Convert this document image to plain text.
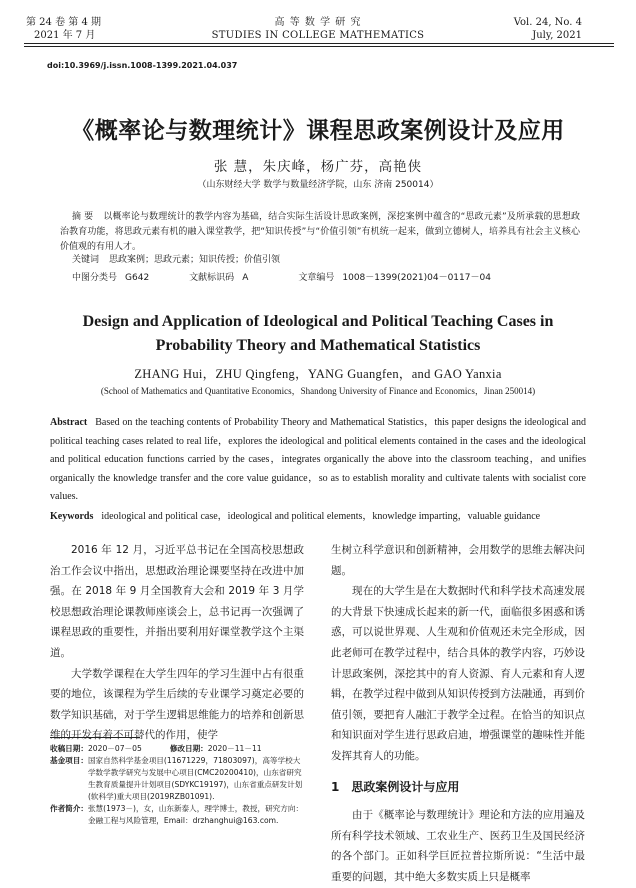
第 24 卷 第 4 期
2021 年 7 月
高 等 数 学 研 究
STUDIES IN COLLEGE MATHEMATICS
Vol. 24, No. 4
July, 2021
doi:10.3969/j.issn.1008-1399.2021.04.037
《概率论与数理统计》课程思政案例设计及应用
张 慧，朱庆峰，杨广芬，高艳侠
（山东财经大学 数学与数量经济学院，山东 济南 250014）
摘 要 以概率论与数理统计的教学内容为基础，结合实际生活设计思政案例，深挖案例中蕴含的“思政元素”及所承载的思想政治教育功能，将思政元素有机的融入课堂教学，把“知识传授”与“价值引领”有机统一起来，做到立德树人，培养具有社会主义核心价值观的有用人才。
关键词 思政案例；思政元素；知识传授；价值引领
中图分类号 G642	文献标识码 A	文章编号 1008－1399(2021)04－0117－04
Design and Application of Ideological and Political Teaching Cases in
Probability Theory and Mathematical Statistics
ZHANG Hui，ZHU Qingfeng，YANG Guangfen，and GAO Yanxia
(School of Mathematics and Quantitative Economics，Shandong University of Finance and Economics，Jinan 250014)
Abstract Based on the teaching contents of Probability Theory and Mathematical Statistics，this paper designs the ideological and political teaching cases related to real life，explores the ideological and political elements contained in the cases and the ideological and political education functions carried by the cases，integrates organically the above into the classroom teaching，and unifies organically the knowledge transfer and the core value guidance，so as to establish morality and cultivate talents with socialist core values.
Keywords ideological and political case，ideological and political elements，knowledge imparting，valuable guidance

2016 年 12 月，习近平总书记在全国高校思想政治工作会议中指出，思想政治理论课要坚持在改进中加强。在 2018 年 9 月全国教育大会和 2019 年 3 月学校思想政治理论课教师座谈会上，总书记再一次强调了课程思政的重要性，并指出要利用好课堂教学这个主渠道。

大学数学课程在大学生四年的学习生涯中占有很重要的地位，该课程为学生后续的专业课学习奠定必要的数学知识基础，对于学生逻辑思维能力的培养和创新思维的开发有着不可替代的作用，使学

收稿日期： 2020－07－05	修改日期： 2020－11－11
基金项目： 国家自然科学基金项目(11671229，71803097)，高等学校大学数学教学研究与发展中心项目(CMC20200410)，山东省研究生教育质量提升计划项目(SDYKC19197)，山东省重点研发计划(软科学)重大项目(2019RZB01091).
作者简介： 张慧(1973－)，女，山东新泰人，理学博士，教授，研究方向：金融工程与风险管理，Email：drzhanghui@163.com.

生树立科学意识和创新精神，会用数学的思维去解决问题。

现在的大学生是在大数据时代和科学技术高速发展的大背景下快速成长起来的新一代，面临很多困惑和诱惑，可以说世界观、人生观和价值观还未完全形成，因此老师可在教学过程中，结合具体的教学内容，巧妙设计思政案例，深挖其中的育人资源、育人元素和育人逻辑，在教学过程中做到从知识传授到方法融通，再到价值引领，要把育人融汇于教学全过程。在恰当的知识点和知识面对学生进行思政启迪，增强课堂的趣味性并能发挥其育人的功能。

1　思政案例设计与应用

由于《概率论与数理统计》理论和方法的应用遍及所有科学技术领域、工农业生产、医药卫生及国民经济的各个部门。正如科学巨匠拉普拉斯所说：“生活中最重要的问题，其中绝大多数实质上只是概率
